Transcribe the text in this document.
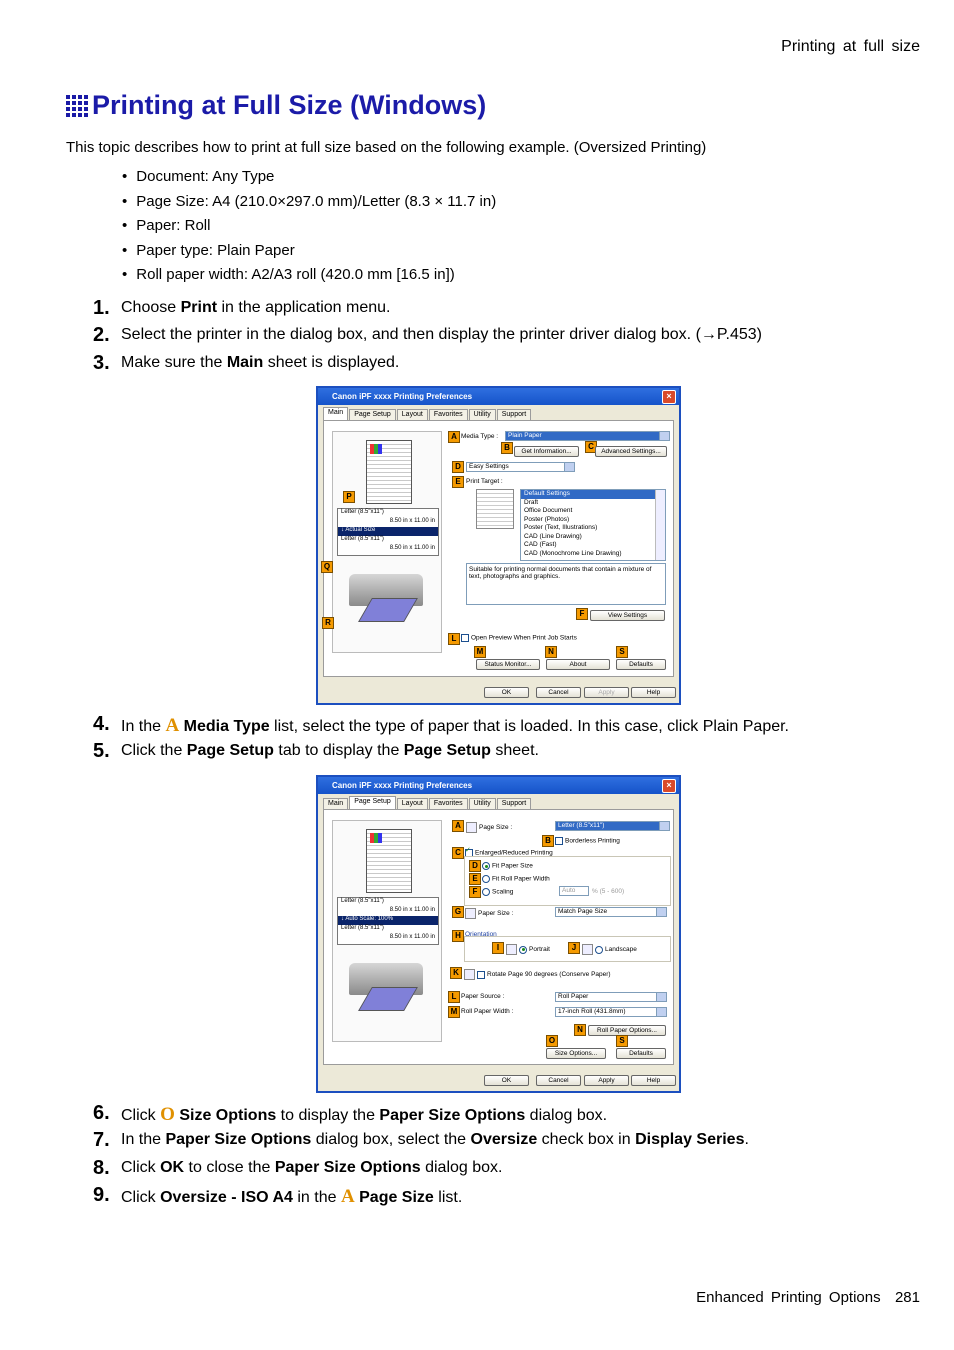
Printing at full size
Printing at Full Size (Windows)
This topic describes how to print at full size based on the following example. (Oversized Printing)
• Document: Any Type
• Page Size: A4 (210.0×297.0 mm)/Letter (8.3 × 11.7 in)
• Paper: Roll
• Paper type: Plain Paper
• Roll paper width: A2/A3 roll (420.0 mm [16.5 in])
1. Choose Print in the application menu.
2. Select the printer in the dialog box, and then display the printer driver dialog box. (→P.453)
3. Make sure the Main sheet is displayed.
Canon iPF xxxx Printing Preferences	×
Main	Page Setup	Layout	Favorites	Utility	Support
Letter (8.5"x11")
8.50 in x 11.00 in
↓ Actual Size
Letter (8.5"x11")
8.50 in x 11.00 in
P
Q
R
A Media Type :	Plain Paper
B	Get Information...
C
Advanced Settings...
D	Easy Settings
E Print Target :
Default Settings
Draft
Office Document
Poster (Photos)
Poster (Text, Illustrations)
CAD (Line Drawing)
CAD (Fast)
CAD (Monochrome Line Drawing)
Suitable for printing normal documents that contain a mixture of text, photographs and graphics.
F	View Settings
L	Open Preview When Print Job Starts
M	N	S
Status Monitor...	About	Defaults
OK	Cancel	Apply	Help
4. In the A Media Type list, select the type of paper that is loaded. In this case, click Plain Paper.
5. Click the Page Setup tab to display the Page Setup sheet.
Canon iPF xxxx Printing Preferences	×
Main	Page Setup	Layout	Favorites	Utility	Support
Letter (8.5"x11")
8.50 in x 11.00 in
↓ Auto Scale: 100%
Letter (8.5"x11")
8.50 in x 11.00 in
A	Page Size :	Letter (8.5"x11")
B	Borderless Printing
C
✓	Enlarged/Reduced Printing
D	Fit Paper Size
E	Fit Roll Paper Width
F	Scaling	Auto	% (5 - 600)
G	Paper Size :	Match Page Size
H Orientation
I	Portrait	J	Landscape
K	Rotate Page 90 degrees (Conserve Paper)
L Paper Source :	Roll Paper
M Roll Paper Width :	17-inch Roll (431.8mm)
N	Roll Paper Options...
O	S
Size Options...	Defaults
OK	Cancel	Apply	Help
6. Click O Size Options to display the Paper Size Options dialog box.
7. In the Paper Size Options dialog box, select the Oversize check box in Display Series.
8. Click OK to close the Paper Size Options dialog box.
9. Click Oversize - ISO A4 in the A Page Size list.
Enhanced Printing Options 281
